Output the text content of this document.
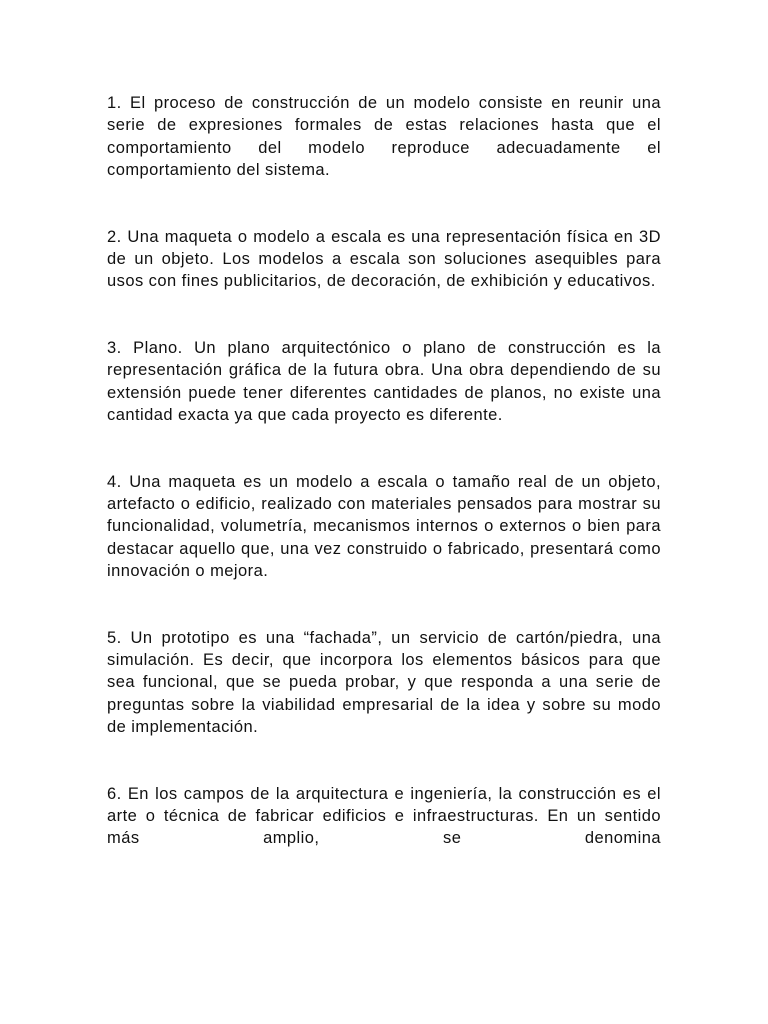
1. El proceso de construcción de un modelo consiste en reunir una serie de expresiones formales de estas relaciones hasta que el comportamiento del modelo reproduce adecuadamente el comportamiento del sistema.

2. Una maqueta o modelo a escala es una representación física en 3D de un objeto. Los modelos a escala son soluciones asequibles para usos con fines publicitarios, de decoración, de exhibición y educativos.

3. Plano. Un plano arquitectónico o plano de construcción es la representación gráfica de la futura obra. Una obra dependiendo de su extensión puede tener diferentes cantidades de planos, no existe una cantidad exacta ya que cada proyecto es diferente.

4. Una maqueta es un modelo a escala o tamaño real de un objeto, artefacto o edificio, realizado con materiales pensados para mostrar su funcionalidad, volumetría, mecanismos internos o externos o bien para destacar aquello que, una vez construido o fabricado, presentará como innovación o mejora.

5. Un prototipo es una “fachada”, un servicio de cartón/piedra, una simulación. Es decir, que incorpora los elementos básicos para que sea funcional, que se pueda probar, y que responda a una serie de preguntas sobre la viabilidad empresarial de la idea y sobre su modo de implementación.

6. En los campos de la arquitectura e ingeniería, la construcción es el arte o técnica de fabricar edificios e infraestructuras. En un sentido más amplio, se denomina
